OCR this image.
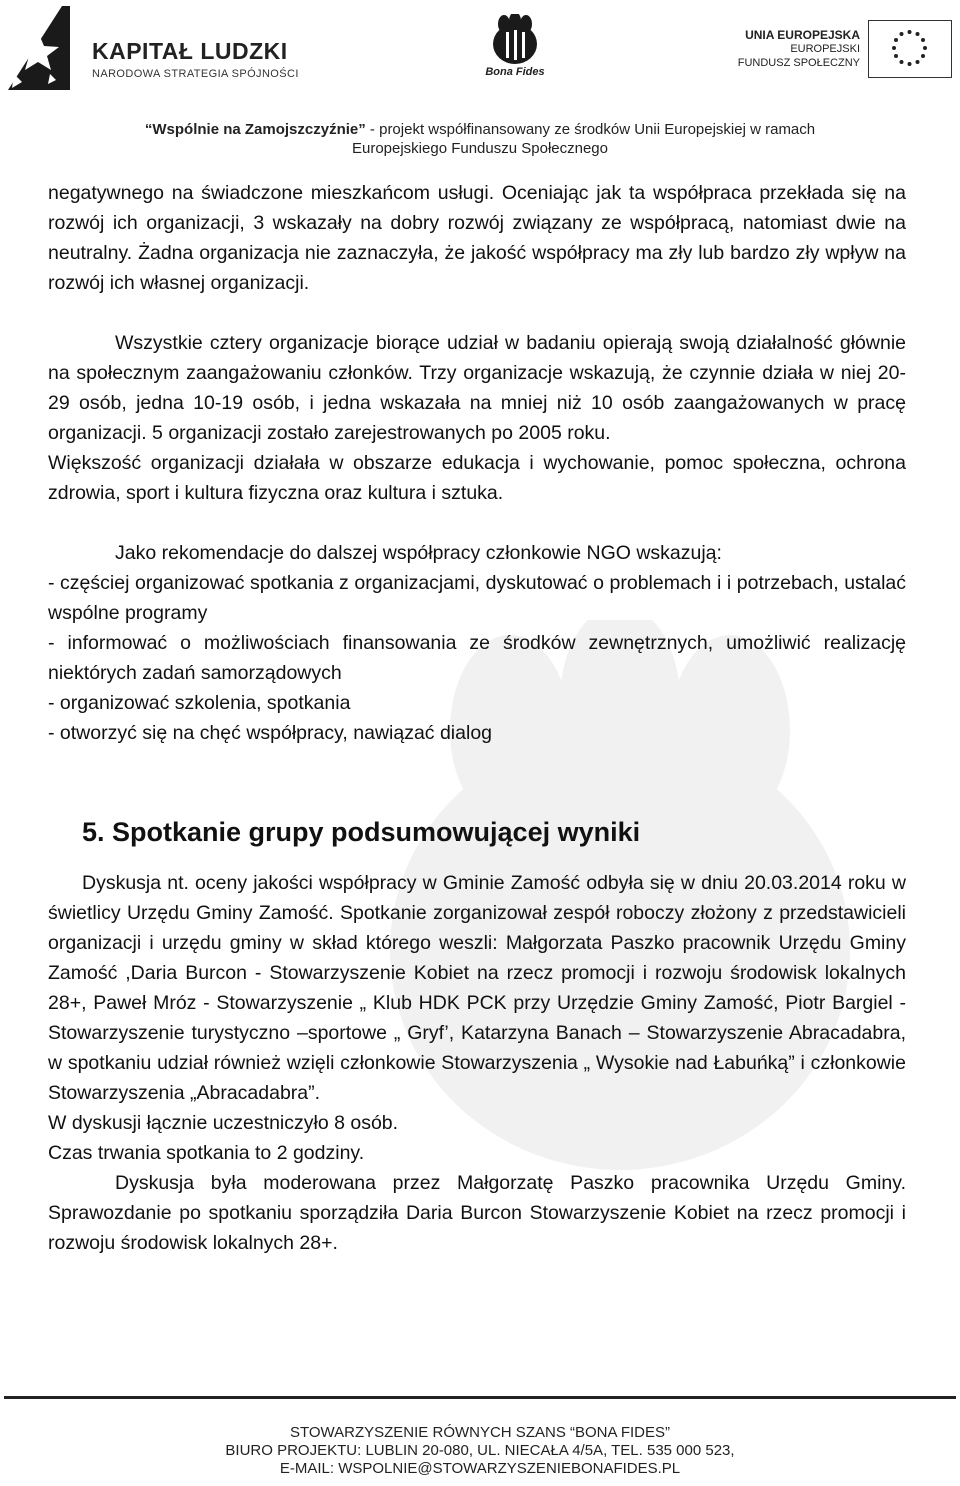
KAPITAŁ LUDZKI
NARODOWA STRATEGIA SPÓJNOŚCI	Bona Fides
UNIA EUROPEJSKA
EUROPEJSKI
FUNDUSZ SPOŁECZNY
“Wspólnie na Zamojszczyźnie” - projekt współfinansowany ze środków Unii Europejskiej w ramach
Europejskiego Funduszu Społecznego

negatywnego na świadczone mieszkańcom usługi. Oceniając jak ta współpraca przekłada się na rozwój ich organizacji, 3 wskazały na dobry rozwój związany ze współpracą, natomiast dwie na neutralny. Żadna organizacja nie zaznaczyła, że jakość współpracy ma zły lub bardzo zły wpływ na rozwój ich własnej organizacji.

Wszystkie cztery organizacje biorące udział w badaniu opierają swoją działalność głównie na społecznym zaangażowaniu członków. Trzy organizacje wskazują, że czynnie działa w niej 20-29 osób, jedna 10-19 osób, i jedna wskazała na mniej niż 10 osób zaangażowanych w pracę organizacji. 5 organizacji zostało zarejestrowanych po 2005 roku.

Większość organizacji działała w obszarze edukacja i wychowanie, pomoc społeczna, ochrona zdrowia, sport i kultura fizyczna oraz kultura i sztuka.

Jako rekomendacje do dalszej współpracy członkowie NGO wskazują:

- częściej organizować spotkania z organizacjami, dyskutować o problemach i i potrzebach, ustalać wspólne programy

- informować o możliwościach finansowania ze środków zewnętrznych, umożliwić realizację niektórych zadań samorządowych

- organizować szkolenia, spotkania

- otworzyć się na chęć współpracy, nawiązać dialog

5. Spotkanie grupy podsumowującej wyniki

Dyskusja nt. oceny jakości współpracy w Gminie Zamość odbyła się w dniu 20.03.2014 roku w świetlicy Urzędu Gminy Zamość. Spotkanie zorganizował zespół roboczy złożony z przedstawicieli organizacji i urzędu gminy w skład którego weszli: Małgorzata Paszko pracownik Urzędu Gminy Zamość ,Daria Burcon - Stowarzyszenie Kobiet na rzecz promocji i rozwoju środowisk lokalnych 28+, Paweł Mróz - Stowarzyszenie „ Klub HDK PCK przy Urzędzie Gminy Zamość, Piotr Bargiel - Stowarzyszenie turystyczno –sportowe „ Gryf’, Katarzyna Banach – Stowarzyszenie Abracadabra, w spotkaniu udział również wzięli członkowie Stowarzyszenia „ Wysokie nad Łabuńką” i członkowie Stowarzyszenia „Abracadabra”.

W dyskusji łącznie uczestniczyło 8 osób.

Czas trwania spotkania to 2 godziny.

Dyskusja była moderowana przez Małgorzatę Paszko pracownika Urzędu Gminy. Sprawozdanie po spotkaniu sporządziła Daria Burcon Stowarzyszenie Kobiet na rzecz promocji i rozwoju środowisk lokalnych 28+.

STOWARZYSZENIE RÓWNYCH SZANS “BONA FIDES”
BIURO PROJEKTU: LUBLIN 20-080, UL. NIECAŁA 4/5A, TEL. 535 000 523,
E-MAIL: WSPOLNIE@STOWARZYSZENIEBONAFIDES.PL
